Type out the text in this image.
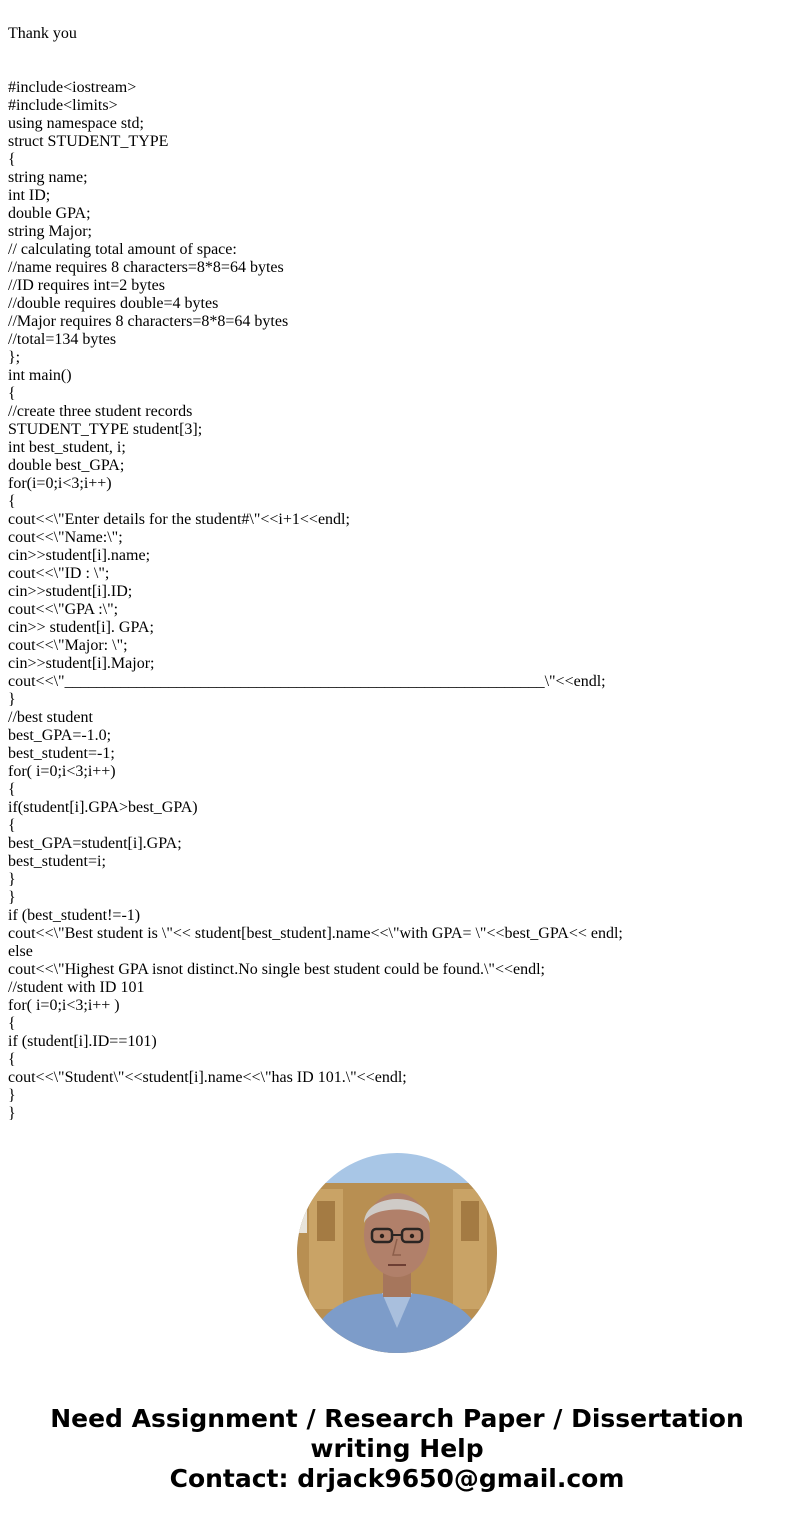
Thank you

#include<iostream>
#include<limits>
using namespace std;
struct STUDENT_TYPE
{
string name;
int ID;
double GPA;
string Major;
// calculating total amount of space:
//name requires 8 characters=8*8=64 bytes
//ID requires int=2 bytes
//double requires double=4 bytes
//Major requires 8 characters=8*8=64 bytes
//total=134 bytes
};
int main()
{
//create three student records
STUDENT_TYPE student[3];
int best_student, i;
double best_GPA;
for(i=0;i<3;i++)
{
cout<<\"Enter details for the student#\"<<i+1<<endl;
cout<<\"Name:\";
cin>>student[i].name;
cout<<\"ID : \";
cin>>student[i].ID;
cout<<\"GPA :\";
cin>> student[i]. GPA;
cout<<\"Major: \";
cin>>student[i].Major;
cout<<\"____________________________________________________________\"<<endl;
}
//best student
best_GPA=-1.0;
best_student=-1;
for( i=0;i<3;i++)
{
if(student[i].GPA>best_GPA)
{
best_GPA=student[i].GPA;
best_student=i;
}
}
if (best_student!=-1)
cout<<\"Best student is \"<< student[best_student].name<<\"with GPA= \"<<best_GPA<< endl;
else
cout<<\"Highest GPA isnot distinct.No single best student could be found.\"<<endl;
//student with ID 101
for( i=0;i<3;i++ )
{
if (student[i].ID==101)
{
cout<<\"Student\"<<student[i].name<<\"has ID 101.\"<<endl;
}
}
Need Assignment / Research Paper / Dissertation
writing Help
Contact: drjack9650@gmail.com
